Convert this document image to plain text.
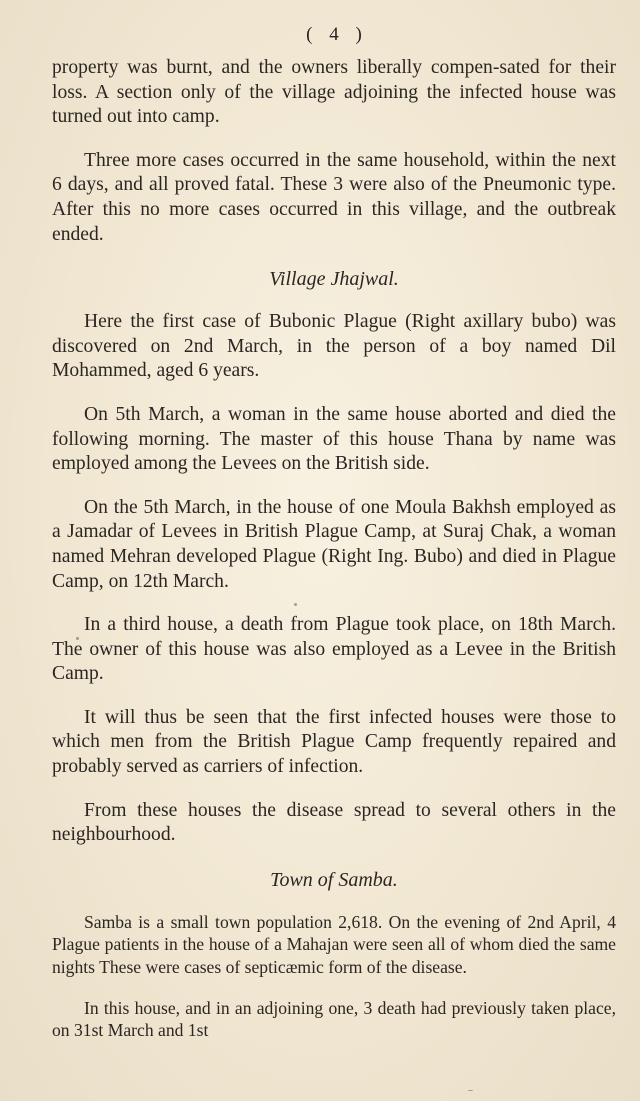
( 4 )

property was burnt, and the owners liberally compen-sated for their loss. A section only of the village adjoining the infected house was turned out into camp.

Three more cases occurred in the same household, within the next 6 days, and all proved fatal. These 3 were also of the Pneumonic type. After this no more cases occurred in this village, and the outbreak ended.

Village Jhajwal.

Here the first case of Bubonic Plague (Right axillary bubo) was discovered on 2nd March, in the person of a boy named Dil Mohammed, aged 6 years.

On 5th March, a woman in the same house aborted and died the following morning. The master of this house Thana by name was employed among the Levees on the British side.

On the 5th March, in the house of one Moula Bakhsh employed as a Jamadar of Levees in British Plague Camp, at Suraj Chak, a woman named Mehran developed Plague (Right Ing. Bubo) and died in Plague Camp, on 12th March.

In a third house, a death from Plague took place, on 18th March. The owner of this house was also employed as a Levee in the British Camp.

It will thus be seen that the first infected houses were those to which men from the British Plague Camp frequently repaired and probably served as carriers of infection.

From these houses the disease spread to several others in the neighbourhood.

Town of Samba.

Samba is a small town population 2,618. On the evening of 2nd April, 4 Plague patients in the house of a Mahajan were seen all of whom died the same nights These were cases of septicæmic form of the disease.

In this house, and in an adjoining one, 3 death had previously taken place, on 31st March and 1st
